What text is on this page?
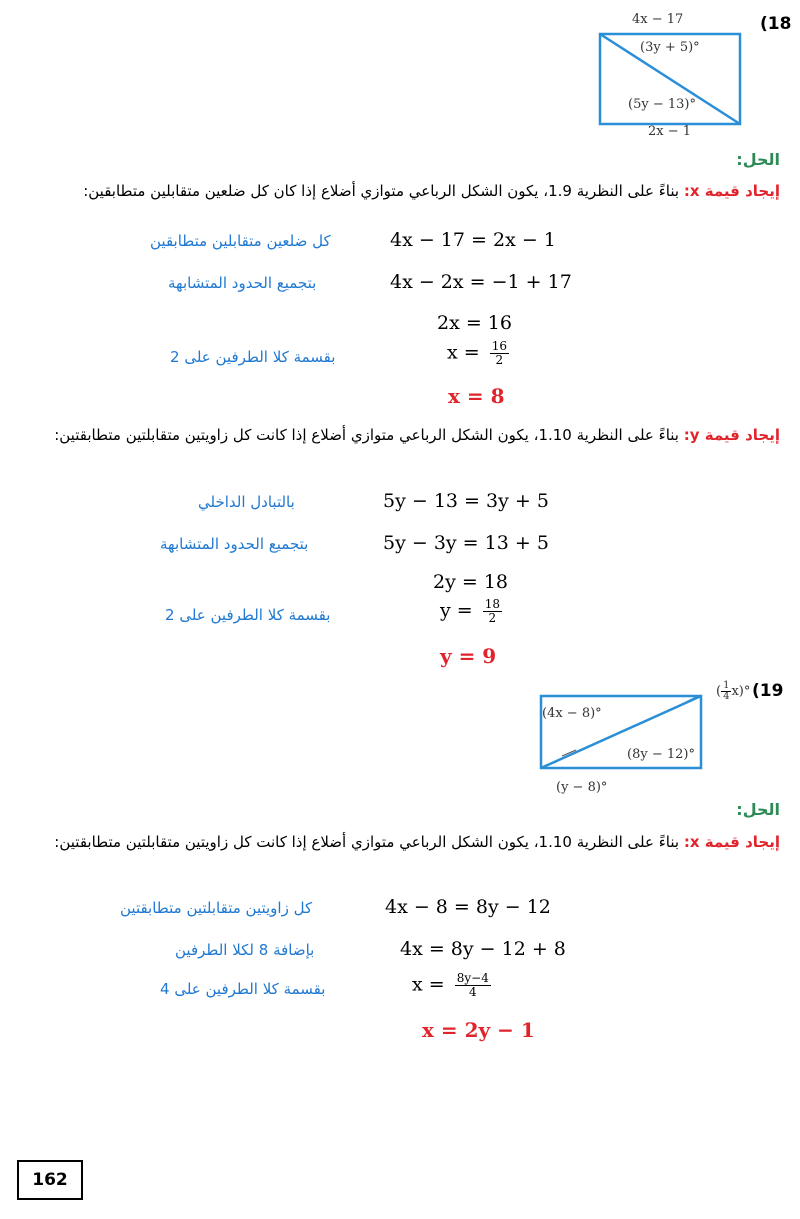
(18
4x − 17
(3y + 5)°
(5y − 13)°
2x − 1
الحل:
إيجاد قيمة x: بناءً على النظرية 1.9، يكون الشكل الرباعي متوازي أضلاع إذا كان كل ضلعين متقابلين متطابقين:
4x − 17 = 2x − 1
كل ضلعين متقابلين متطابقين
4x − 2x = −1 + 17
بتجميع الحدود المتشابهة
2x = 16
$x = \frac{16}{2}$
بقسمة كلا الطرفين على 2
x = 8
إيجاد قيمة y: بناءً على النظرية 1.10، يكون الشكل الرباعي متوازي أضلاع إذا كانت كل زاويتين متقابلتين متطابقتين:
5y − 13 = 3y + 5
بالتبادل الداخلي
5y − 3y = 13 + 5
بتجميع الحدود المتشابهة
2y = 18
$y = \frac{18}{2}$
بقسمة كلا الطرفين على 2
y = 9
(19
(4x − 8)°
(8y − 12)°
(y − 8)°
( $\frac{1}{4} x)^\circ$
الحل:
إيجاد قيمة x: بناءً على النظرية 1.10، يكون الشكل الرباعي متوازي أضلاع إذا كانت كل زاويتين متقابلتين متطابقتين:
4x − 8 = 8y − 12
كل زاويتين متقابلتين متطابقتين
4x = 8y − 12 + 8
بإضافة 8 لكلا الطرفين
$x = \frac{8y-4}{4}$
بقسمة كلا الطرفين على 4
x = 2y − 1
162
